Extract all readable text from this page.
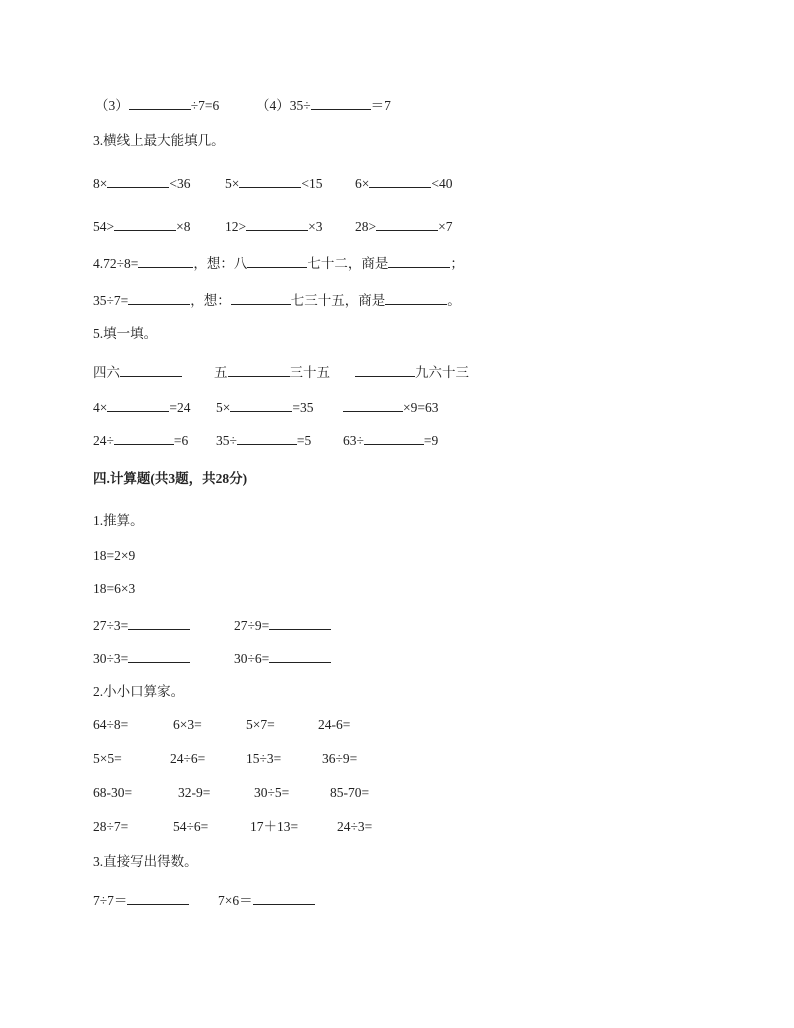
（3）	÷7=6	（4）35÷	＝7
3.横线上最大能填几。
8×	<36	5×	<15 6×	<40
54>	×8	12>	×3 28>	×7
4.72÷8=	，想：八	七十二，商是	；
35÷7=	，想：	七三十五，商是	。
5.填一填。
四六	五	三十五	九六十三
4×	=24 5×	=35	×9=63
24÷	=6 35÷	=5 63÷	=9
四.计算题(共3题，共28分)
1.推算。
18=2×9
18=6×3
27÷3=	27÷9=
30÷3=	30÷6=
2.小小口算家。
64÷8=	6×3=	5×7=	24-6=
5×5=	24÷6=	15÷3=	36÷9=
68-30=	32-9=	30÷5=	85-70=
28÷7=	54÷6=	17＋13=	24÷3=
3.直接写出得数。
7÷7＝	7×6＝
